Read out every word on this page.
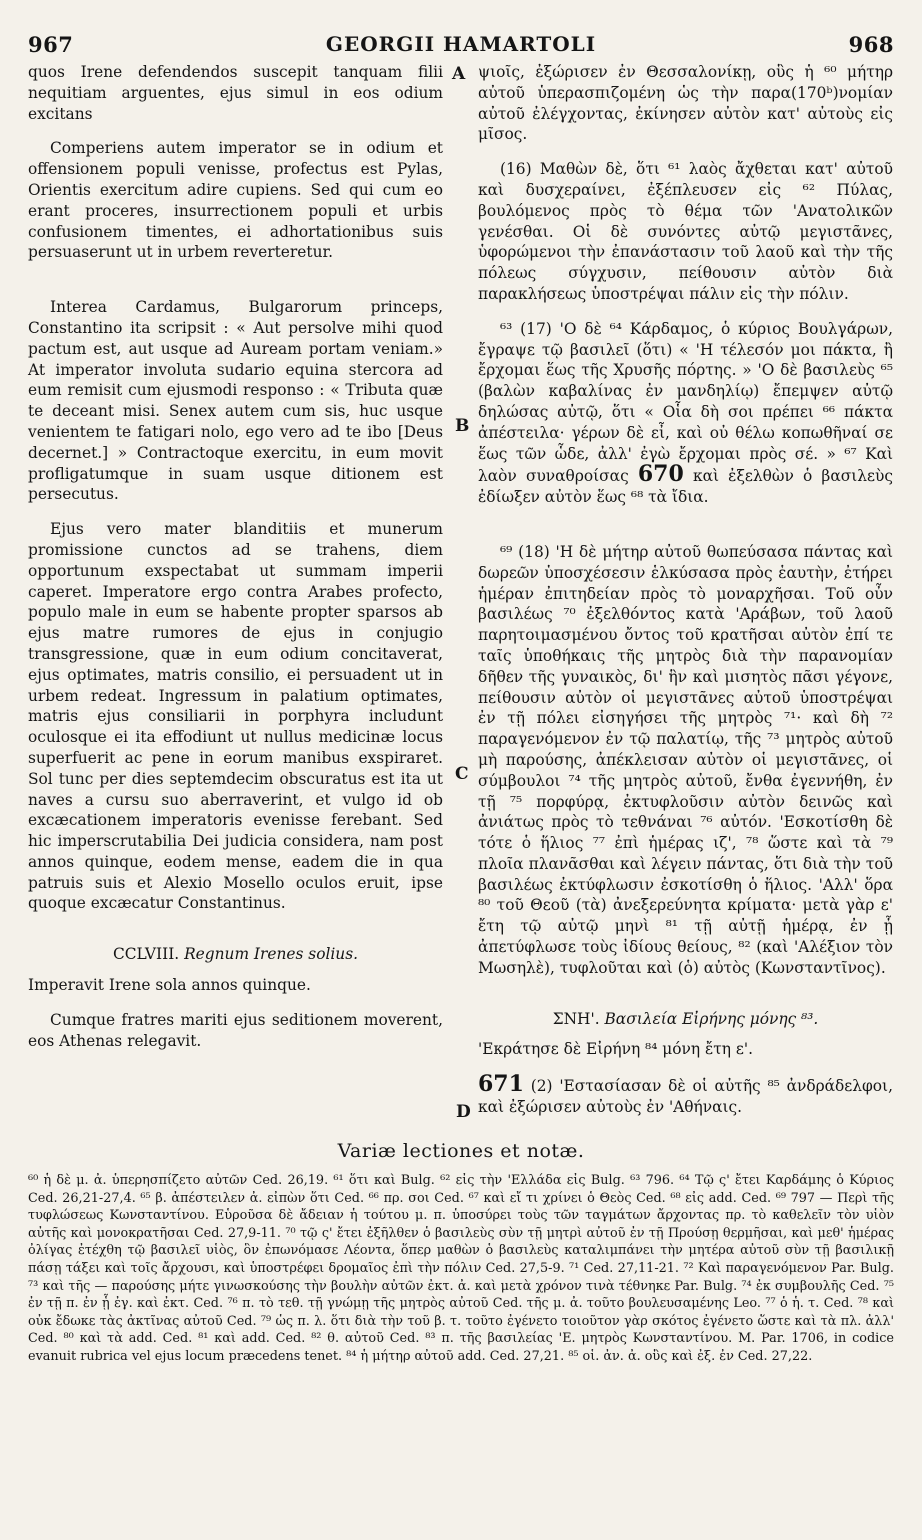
967	GEORGII HAMARTOLI	968

quos Irene defendendos suscepit tanquam filii nequitiam arguentes, ejus simul in eos odium excitans

Comperiens autem imperator se in odium et offensionem populi venisse, profectus est Pylas, Orientis exercitum adire cupiens. Sed qui cum eo erant proceres, insurrectionem populi et urbis confusionem timentes, ei adhortationibus suis persuaserunt ut in urbem reverteretur.

Interea Cardamus, Bulgarorum princeps, Constantino ita scripsit : « Aut persolve mihi quod pactum est, aut usque ad Auream portam veniam.» At imperator involuta sudario equina stercora ad eum remisit cum ejusmodi responso : « Tributa quæ te deceant misi. Senex autem cum sis, huc usque venientem te fatigari nolo, ego vero ad te ibo [Deus decernet.] » Contractoque exercitu, in eum movit profligatumque in suam usque ditionem est persecutus.

Ejus vero mater blanditiis et munerum promissione cunctos ad se trahens, diem opportunum exspectabat ut summam imperii caperet. Imperatore ergo contra Arabes profecto, populo male in eum se habente propter sparsos ab ejus matre rumores de ejus in conjugio transgressione, quæ in eum odium concitaverat, ejus optimates, matris consilio, ei persuadent ut in urbem redeat. Ingressum in palatium optimates, matris ejus consiliarii in porphyra includunt oculosque ei ita effodiunt ut nullus medicinæ locus superfuerit ac pene in eorum manibus exspiraret. Sol tunc per dies septemdecim obscuratus est ita ut naves a cursu suo aberraverint, et vulgo id ob excæcationem imperatoris evenisse ferebant. Sed hic imperscrutabilia Dei judicia considera, nam post annos quinque, eodem mense, eadem die in qua patruis suis et Alexio Mosello oculos eruit, ipse quoque excæcatur Constantinus.

CCLVIII. Regnum Irenes solius.

Imperavit Irene sola annos quinque.

Cumque fratres mariti ejus seditionem moverent, eos Athenas relegavit.

ψιοῖς, ἐξώρισεν ἐν Θεσσαλονίκῃ, οὓς ἡ ⁶⁰ μήτηρ αὐτοῦ ὑπερασπιζομένη ὡς τὴν παρα(170ᵇ)νομίαν αὐτοῦ ἐλέγχοντας, ἐκίνησεν αὐτὸν κατ' αὐτοὺς εἰς μῖσος.

(16) Μαθὼν δὲ, ὅτι ⁶¹ λαὸς ἄχθεται κατ' αὐτοῦ καὶ δυσχεραίνει, ἐξέπλευσεν εἰς ⁶² Πύλας, βουλόμενος πρὸς τὸ θέμα τῶν 'Ανατολικῶν γενέσθαι. Οἱ δὲ συνόντες αὐτῷ μεγιστᾶνες, ὑφορώμενοι τὴν ἐπανάστασιν τοῦ λαοῦ καὶ τὴν τῆς πόλεως σύγχυσιν, πείθουσιν αὐτὸν διὰ παρακλήσεως ὑποστρέψαι πάλιν εἰς τὴν πόλιν.

⁶³ (17) 'Ο δὲ ⁶⁴ Κάρδαμος, ὁ κύριος Βουλγάρων, ἔγραψε τῷ βασιλεῖ (ὅτι) « 'Η τέλεσόν μοι πάκτα, ἢ ἔρχομαι ἕως τῆς Χρυσῆς πόρτης. » 'Ο δὲ βασιλεὺς ⁶⁵ (βαλὼν καβαλίνας ἐν μανδηλίῳ) ἔπεμψεν αὐτῷ δηλώσας αὐτῷ, ὅτι « Οἷα δὴ σοι πρέπει ⁶⁶ πάκτα ἀπέστειλα· γέρων δὲ εἶ, καὶ οὐ θέλω κοπωθῆναί σε ἕως τῶν ὧδε, ἀλλ' ἐγὼ ἔρχομαι πρὸς σέ. » ⁶⁷ Καὶ λαὸν συναθροίσας 670 καὶ ἐξελθὼν ὁ βασιλεὺς ἐδίωξεν αὐτὸν ἕως ⁶⁸ τὰ ἴδια.

⁶⁹ (18) 'Η δὲ μήτηρ αὐτοῦ θωπεύσασα πάντας καὶ δωρεῶν ὑποσχέσεσιν ἑλκύσασα πρὸς ἑαυτὴν, ἐτήρει ἡμέραν ἐπιτηδείαν πρὸς τὸ μοναρχῆσαι. Τοῦ οὖν βασιλέως ⁷⁰ ἐξελθόντος κατὰ 'Αράβων, τοῦ λαοῦ παρητοιμασμένου ὄντος τοῦ κρατῆσαι αὐτὸν ἐπί τε ταῖς ὑποθήκαις τῆς μητρὸς διὰ τὴν παρανομίαν δῆθεν τῆς γυναικὸς, δι' ἣν καὶ μισητὸς πᾶσι γέγονε, πείθουσιν αὐτὸν οἱ μεγιστᾶνες αὐτοῦ ὑποστρέψαι ἐν τῇ πόλει εἰσηγήσει τῆς μητρὸς ⁷¹· καὶ δὴ ⁷² παραγενόμενον ἐν τῷ παλατίῳ, τῆς ⁷³ μητρὸς αὐτοῦ μὴ παρούσης, ἀπέκλεισαν αὐτὸν οἱ μεγιστᾶνες, οἱ σύμβουλοι ⁷⁴ τῆς μητρὸς αὐτοῦ, ἔνθα ἐγεννήθη, ἐν τῇ ⁷⁵ πορφύρᾳ, ἐκτυφλοῦσιν αὐτὸν δεινῶς καὶ ἀνιάτως πρὸς τὸ τεθνάναι ⁷⁶ αὐτόν. 'Εσκοτίσθη δὲ τότε ὁ ἥλιος ⁷⁷ ἐπὶ ἡμέρας ιζ', ⁷⁸ ὥστε καὶ τὰ ⁷⁹ πλοῖα πλανᾶσθαι καὶ λέγειν πάντας, ὅτι διὰ τὴν τοῦ βασιλέως ἐκτύφλωσιν ἐσκοτίσθη ὁ ἥλιος. 'Αλλ' ὅρα ⁸⁰ τοῦ Θεοῦ (τὰ) ἀνεξερεύνητα κρίματα· μετὰ γὰρ ε' ἔτη τῷ αὐτῷ μηνὶ ⁸¹ τῇ αὐτῇ ἡμέρᾳ, ἐν ᾗ ἀπετύφλωσε τοὺς ἰδίους θείους, ⁸² (καὶ 'Αλέξιον τὸν Μωσηλὲ), τυφλοῦται καὶ (ὁ) αὐτὸς (Κωνσταντῖνος).

ΣΝΗ'. Βασιλεία Εἰρήνης μόνης ⁸³.

'Εκράτησε δὲ Εἰρήνη ⁸⁴ μόνη ἔτη ε'.

671 (2) 'Εστασίασαν δὲ οἱ αὐτῆς ⁸⁵ ἀνδράδελφοι, καὶ ἐξώρισεν αὐτοὺς ἐν 'Αθήναις.

A
B
C
D
Variæ lectiones et notæ.

⁶⁰ ἡ δὲ μ. ἀ. ὑπερησπίζετο αὐτῶν Ced. 26,19. ⁶¹ ὅτι καὶ Bulg. ⁶² εἰς τὴν 'Ελλάδα εἰς Bulg. ⁶³ 796. ⁶⁴ Τῷ ς' ἔτει Καρδάμης ὁ Κύριος Ced. 26,21-27,4. ⁶⁵ β. ἀπέστειλεν ἀ. εἰπὼν ὅτι Ced. ⁶⁶ πρ. σοι Ced. ⁶⁷ καὶ εἴ τι χρίνει ὁ Θεὸς Ced. ⁶⁸ εἰς add. Ced. ⁶⁹ 797 — Περὶ τῆς τυφλώσεως Κωνσταντίνου. Εὑροῦσα δὲ ἄδειαν ἡ τούτου μ. π. ὑποσύρει τοὺς τῶν ταγμάτων ἄρχοντας πρ. τὸ καθελεῖν τὸν υἱὸν αὐτῆς καὶ μονοκρατῆσαι Ced. 27,9-11. ⁷⁰ τῷ ς' ἔτει ἐξῆλθεν ὁ βασιλεὺς σὺν τῇ μητρὶ αὐτοῦ ἐν τῇ Προύσῃ θερμῆσαι, καὶ μεθ' ἡμέρας ὀλίγας ἐτέχθη τῷ βασιλεῖ υἱὸς, ὃν ἐπωνόμασε Λέοντα, ὅπερ μαθὼν ὁ βασιλεὺς καταλιμπάνει τὴν μητέρα αὐτοῦ σὺν τῇ βασιλικῇ πάσῃ τάξει καὶ τοῖς ἄρχουσι, καὶ ὑποστρέφει δρομαῖος ἐπὶ τὴν πόλιν Ced. 27,5-9. ⁷¹ Ced. 27,11-21. ⁷² Καὶ παραγενόμενον Par. Bulg. ⁷³ καὶ τῆς — παρούσης μήτε γινωσκούσης τὴν βουλὴν αὐτῶν ἐκτ. ἀ. καὶ μετὰ χρόνον τινὰ τέθνηκε Par. Bulg. ⁷⁴ ἐκ συμβουλῆς Ced. ⁷⁵ ἐν τῇ π. ἐν ᾗ ἐγ. καὶ ἐκτ. Ced. ⁷⁶ π. τὸ τεθ. τῇ γνώμῃ τῆς μητρὸς αὐτοῦ Ced. τῆς μ. ἀ. τοῦτο βουλευσαμένης Leo. ⁷⁷ ὁ ἡ. τ. Ced. ⁷⁸ καὶ οὐκ ἔδωκε τὰς ἀκτῖνας αὐτοῦ Ced. ⁷⁹ ὡς π. λ. ὅτι διὰ τὴν τοῦ β. τ. τοῦτο ἐγένετο τοιοῦτον γὰρ σκότος ἐγένετο ὥστε καὶ τὰ πλ. ἀλλ' Ced. ⁸⁰ καὶ τὰ add. Ced. ⁸¹ καὶ add. Ced. ⁸² θ. αὐτοῦ Ced. ⁸³ π. τῆς βασιλείας 'Ε. μητρὸς Κωνσταντίνου. M. Par. 1706, in codice evanuit rubrica vel ejus locum præcedens tenet. ⁸⁴ ἡ μήτηρ αὐτοῦ add. Ced. 27,21. ⁸⁵ οἱ. ἀν. ἀ. οὓς καὶ ἐξ. ἐν Ced. 27,22.
